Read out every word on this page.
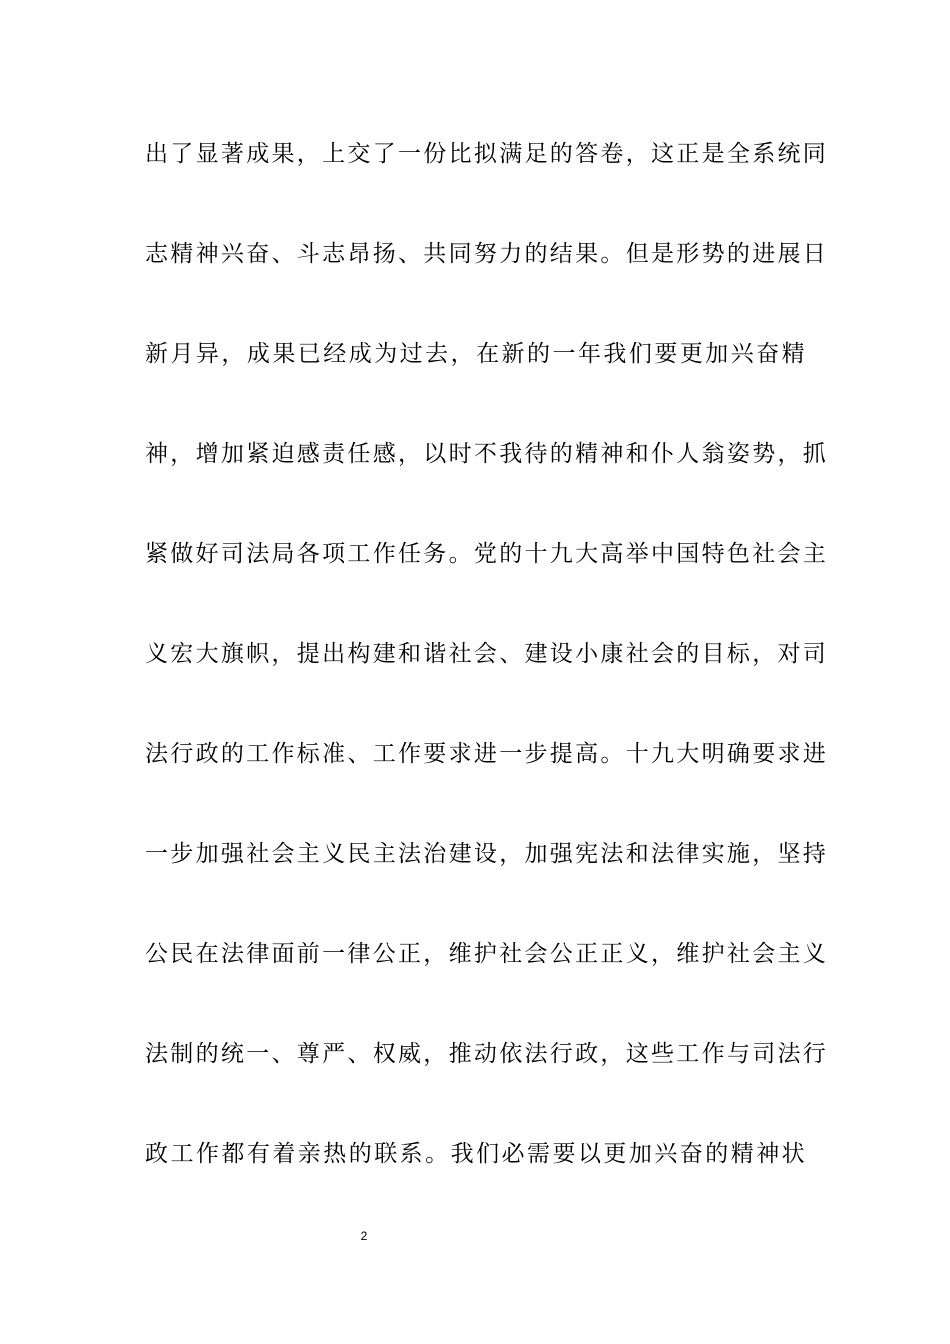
出了显著成果，上交了一份比拟满足的答卷，这正是全系统同
志精神兴奋、斗志昂扬、共同努力的结果。但是形势的进展日
新月异，成果已经成为过去，在新的一年我们要更加兴奋精
神，增加紧迫感责任感，以时不我待的精神和仆人翁姿势，抓
紧做好司法局各项工作任务。党的十九大高举中国特色社会主
义宏大旗帜，提出构建和谐社会、建设小康社会的目标，对司
法行政的工作标准、工作要求进一步提高。十九大明确要求进
一步加强社会主义民主法治建设，加强宪法和法律实施，坚持
公民在法律面前一律公正，维护社会公正正义，维护社会主义
法制的统一、尊严、权威，推动依法行政，这些工作与司法行
政工作都有着亲热的联系。我们必需要以更加兴奋的精神状
2
